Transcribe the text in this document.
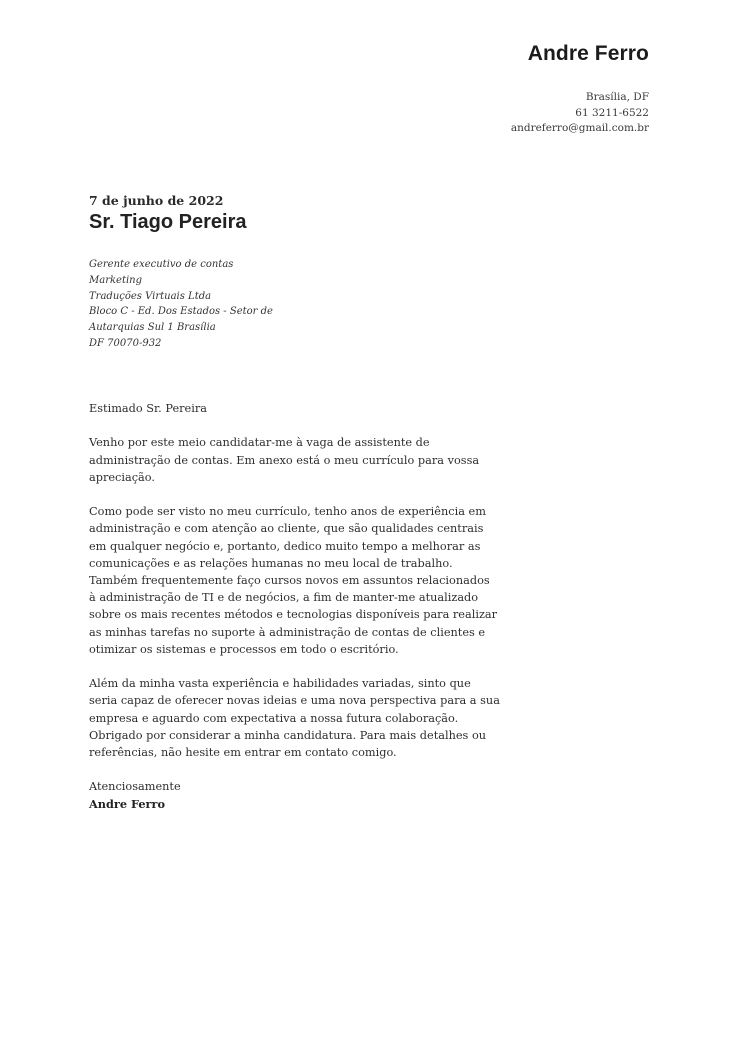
Andre Ferro
Brasília, DF
61 3211-6522
andreferro@gmail.com.br
7 de junho de 2022
Sr. Tiago Pereira
Gerente executivo de contas
Marketing
Traduções Virtuais Ltda
Bloco C - Ed. Dos Estados - Setor de
Autarquias Sul 1 Brasília
DF 70070-932

Estimado Sr. Pereira

Venho por este meio candidatar-me à vaga de assistente de
administração de contas. Em anexo está o meu currículo para vossa
apreciação.

Como pode ser visto no meu currículo, tenho anos de experiência em
administração e com atenção ao cliente, que são qualidades centrais
em qualquer negócio e, portanto, dedico muito tempo a melhorar as
comunicações e as relações humanas no meu local de trabalho.
Também frequentemente faço cursos novos em assuntos relacionados
à administração de TI e de negócios, a fim de manter-me atualizado
sobre os mais recentes métodos e tecnologias disponíveis para realizar
as minhas tarefas no suporte à administração de contas de clientes e
otimizar os sistemas e processos em todo o escritório.

Além da minha vasta experiência e habilidades variadas, sinto que
seria capaz de oferecer novas ideias e uma nova perspectiva para a sua
empresa e aguardo com expectativa a nossa futura colaboração.
Obrigado por considerar a minha candidatura. Para mais detalhes ou
referências, não hesite em entrar em contato comigo.

Atenciosamente

Andre Ferro
